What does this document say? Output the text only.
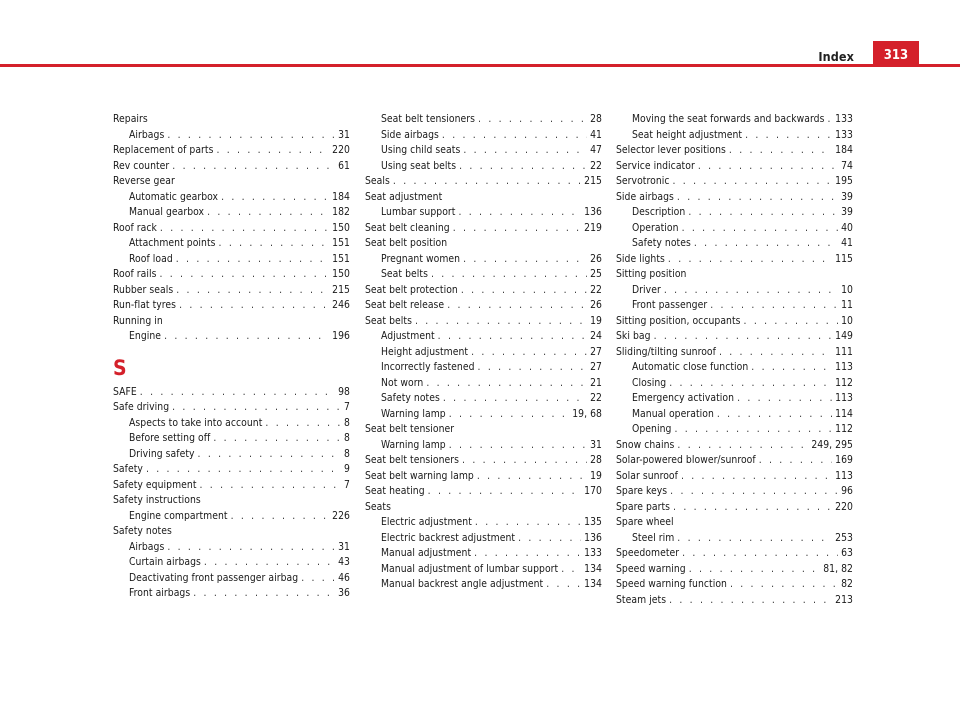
Index	313
Repairs
Airbags . . .	31
Replacement of parts . . .	220
Rev counter . . .	61
Reverse gear
Automatic gearbox . . .	184
Manual gearbox . . .	182
Roof rack . . .	150
Attachment points . . .	151
Roof load . . .	151
Roof rails . . .	150
Rubber seals . . .	215
Run-flat tyres . . .	246
Running in
Engine . . .	196
S
SAFE . . .	98
Safe driving . . .	7
Aspects to take into account . . .	8
Before setting off . . .	8
Driving safety . . .	8
Safety . . .	9
Safety equipment . . .	7
Safety instructions
Engine compartment . . .	226
Safety notes
Airbags . . .	31
Curtain airbags . . .	43
Deactivating front passenger airbag . . .	46
Front airbags . . .	36
Seat belt tensioners . . .	28
Side airbags . . .	41
Using child seats . . .	47
Using seat belts . . .	22
Seals . . .	215
Seat adjustment
Lumbar support . . .	136
Seat belt cleaning . . .	219
Seat belt position
Pregnant women . . .	26
Seat belts . . .	25
Seat belt protection . . .	22
Seat belt release . . .	26
Seat belts . . .	19
Adjustment . . .	24
Height adjustment . . .	27
Incorrectly fastened . . .	27
Not worn . . .	21
Safety notes . . .	22
Warning lamp . . .	19, 68
Seat belt tensioner
Warning lamp . . .	31
Seat belt tensioners . . .	28
Seat belt warning lamp . . .	19
Seat heating . . .	170
Seats
Electric adjustment . . .	135
Electric backrest adjustment . . .	136
Manual adjustment . . .	133
Manual adjustment of lumbar support . . .	134
Manual backrest angle adjustment . . .	134
Moving the seat forwards and backwards . . . 133
Seat height adjustment . . .	133
Selector lever positions . . .	184
Service indicator . . .	74
Servotronic . . .	195
Side airbags . . .	39
Description . . .	39
Operation . . .	40
Safety notes . . .	41
Side lights . . .	115
Sitting position
Driver . . .	10
Front passenger . . .	11
Sitting position, occupants . . .	10
Ski bag . . .	149
Sliding/tilting sunroof . . .	111
Automatic close function . . .	113
Closing . . .	112
Emergency activation . . .	113
Manual operation . . .	114
Opening . . .	112
Snow chains . . .	249, 295
Solar-powered blower/sunroof . . .	169
Solar sunroof . . .	113
Spare keys . . .	96
Spare parts . . .	220
Spare wheel
Steel rim . . .	253
Speedometer . . .	63
Speed warning . . .	81, 82
Speed warning function . . .	82
Steam jets . . .	213
